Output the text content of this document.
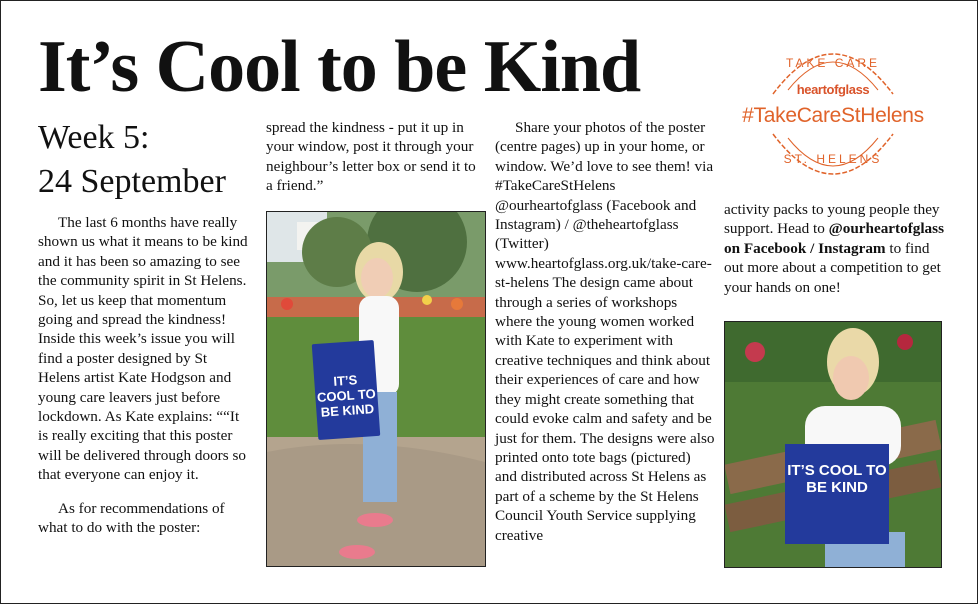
It’s Cool to be Kind
Week 5:
24 September

The last 6 months have really shown us what it means to be kind and it has been so amazing to see the community spirit in St Helens. So, let us keep that momentum going and spread the kindness! Inside this week’s issue you will find a poster designed by St Helens artist Kate Hodgson and young care leavers just before lockdown. As Kate explains: ““It is really exciting that this poster will be delivered through doors so that everyone can enjoy it.

As for recommendations of what to do with the poster:

spread the kindness - put it up in your window, post it through your neighbour’s letter box or send it to a friend.”

IT’S COOL TO BE KIND

Share your photos of the poster (centre pages) up in your home, or window. We’d love to see them! via #TakeCareStHelens @ourheartofglass (Facebook and Instagram) / @theheartofglass (Twitter) www.heartofglass.org.uk/take-care-st-helens The design came about through a series of workshops where the young women worked with Kate to experiment with creative techniques and think about their experiences of care and how they might create something that could evoke calm and safety and be just for them. The designs were also printed onto tote bags (pictured) and distributed across St Helens as part of a scheme by the St Helens Council Youth Service supplying creative

TAKE CARE
heartofglass
#TakeCareStHelens
ST. HELENS

activity packs to young people they support. Head to @ourheartofglass on Facebook / Instagram to find out more about a competition to get your hands on one!

IT’S COOL TO BE KIND
